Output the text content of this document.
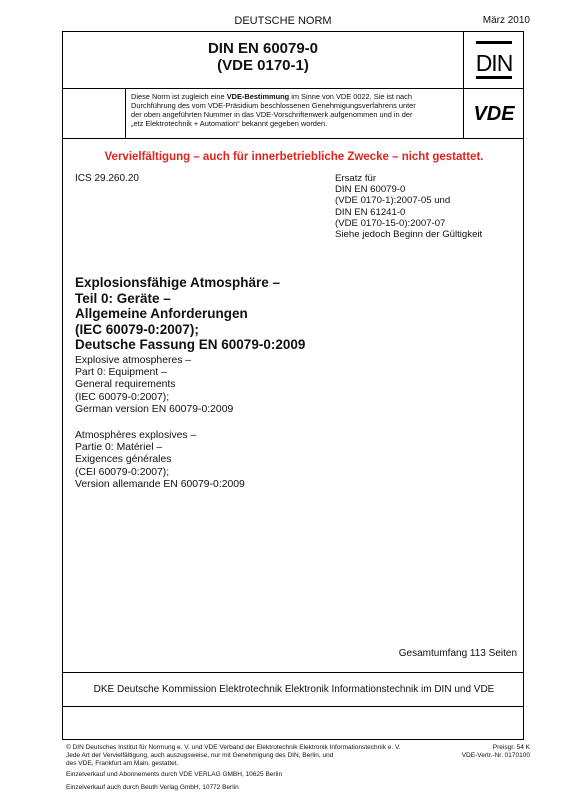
DEUTSCHE NORM	März 2010
DIN EN 60079-0
(VDE 0170-1)	DIN
VDE
Diese Norm ist zugleich eine VDE-Bestimmung im Sinne von VDE 0022. Sie ist nach
Durchführung des vom VDE-Präsidium beschlossenen Genehmigungsverfahrens unter
der oben angeführten Nummer in das VDE-Vorschriftenwerk aufgenommen und in der
„etz Elektrotechnik + Automation“ bekannt gegeben worden.
Vervielfältigung – auch für innerbetriebliche Zwecke – nicht gestattet.
ICS 29.260.20	Ersatz für
DIN EN 60079-0
(VDE 0170-1):2007-05 und
DIN EN 61241-0
(VDE 0170-15-0):2007-07
Siehe jedoch Beginn der Gültigkeit
Explosionsfähige Atmosphäre –
Teil 0: Geräte –
Allgemeine Anforderungen
(IEC 60079-0:2007);
Deutsche Fassung EN 60079-0:2009
Explosive atmospheres –
Part 0: Equipment –
General requirements
(IEC 60079-0:2007);
German version EN 60079-0:2009
Atmosphères explosives –
Partie 0: Matériel –
Exigences générales
(CEI 60079-0:2007);
Version allemande EN 60079-0:2009
Gesamtumfang 113 Seiten
DKE Deutsche Kommission Elektrotechnik Elektronik Informationstechnik im DIN und VDE
© DIN Deutsches Institut für Normung e. V. und VDE Verband der Elektrotechnik Elektronik Informationstechnik e. V.
Jede Art der Vervielfältigung, auch auszugsweise, nur mit Genehmigung des DIN, Berlin, und
des VDE, Frankfurt am Main, gestattet.
Preisgr. 54 K
VDE-Vertr.-Nr. 0170100
Einzelverkauf und Abonnements durch VDE VERLAG GMBH, 10625 Berlin
Einzelverkauf auch durch Beuth Verlag GmbH, 10772 Berlin
